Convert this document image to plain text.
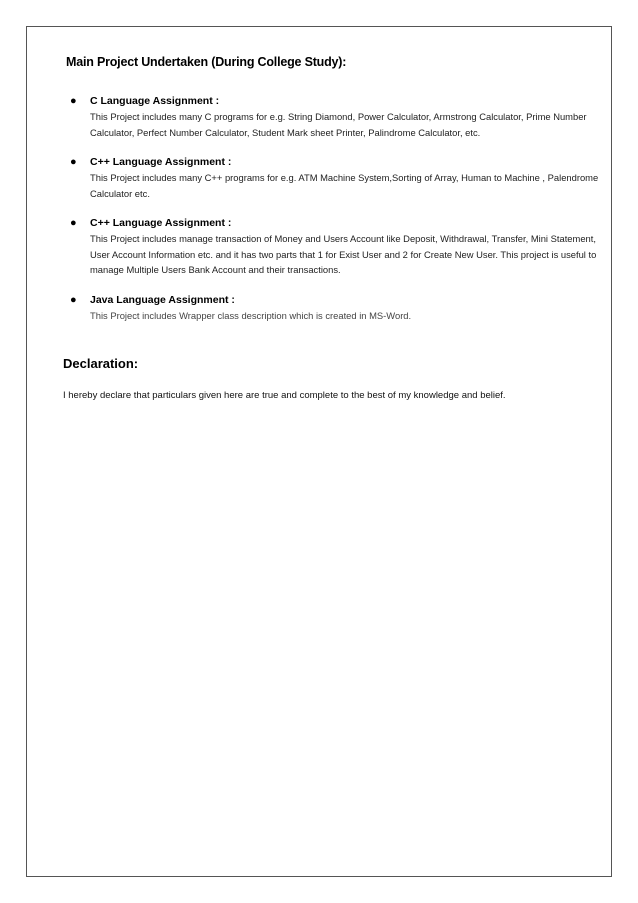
Main Project Undertaken (During College Study):
● C Language Assignment :
This Project includes many C programs for e.g. String Diamond, Power Calculator, Armstrong Calculator, Prime Number Calculator, Perfect Number Calculator, Student Mark sheet Printer, Palindrome Calculator, etc.
● C++ Language Assignment :
This Project includes many C++ programs for e.g. ATM Machine System,Sorting of Array, Human to Machine , Palendrome Calculator etc.
● C++ Language Assignment :
This Project includes manage transaction of Money and Users Account like Deposit, Withdrawal, Transfer, Mini Statement, User Account Information etc. and it has two parts that 1 for Exist User and 2 for Create New User. This project is useful to manage Multiple Users Bank Account and their transactions.
● Java Language Assignment :
This Project includes Wrapper class description which is created in MS-Word.
Declaration:
I hereby declare that particulars given here are true and complete to the best of my knowledge and belief.
